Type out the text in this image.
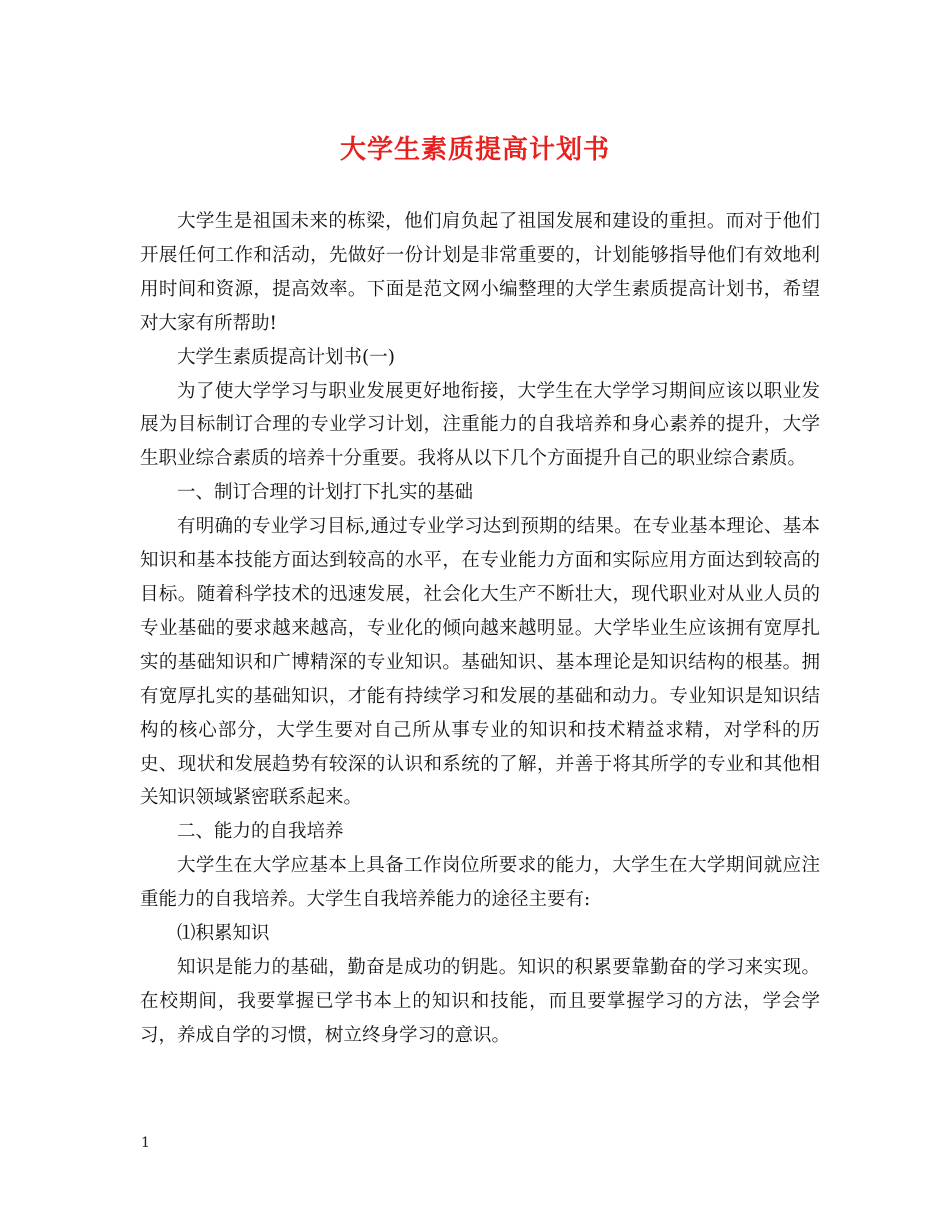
大学生素质提高计划书

大学生是祖国未来的栋梁，他们肩负起了祖国发展和建设的重担。而对于他们开展任何工作和活动，先做好一份计划是非常重要的，计划能够指导他们有效地利用时间和资源，提高效率。下面是范文网小编整理的大学生素质提高计划书，希望对大家有所帮助!

大学生素质提高计划书(一)

为了使大学学习与职业发展更好地衔接，大学生在大学学习期间应该以职业发展为目标制订合理的专业学习计划，注重能力的自我培养和身心素养的提升，大学生职业综合素质的培养十分重要。我将从以下几个方面提升自己的职业综合素质。

一、制订合理的计划打下扎实的基础

有明确的专业学习目标,通过专业学习达到预期的结果。在专业基本理论、基本知识和基本技能方面达到较高的水平，在专业能力方面和实际应用方面达到较高的目标。随着科学技术的迅速发展，社会化大生产不断壮大，现代职业对从业人员的专业基础的要求越来越高，专业化的倾向越来越明显。大学毕业生应该拥有宽厚扎实的基础知识和广博精深的专业知识。基础知识、基本理论是知识结构的根基。拥有宽厚扎实的基础知识，才能有持续学习和发展的基础和动力。专业知识是知识结构的核心部分，大学生要对自己所从事专业的知识和技术精益求精，对学科的历史、现状和发展趋势有较深的认识和系统的了解，并善于将其所学的专业和其他相关知识领域紧密联系起来。

二、能力的自我培养

大学生在大学应基本上具备工作岗位所要求的能力，大学生在大学期间就应注重能力的自我培养。大学生自我培养能力的途径主要有:

⑴积累知识

知识是能力的基础，勤奋是成功的钥匙。知识的积累要靠勤奋的学习来实现。在校期间，我要掌握已学书本上的知识和技能，而且要掌握学习的方法，学会学习，养成自学的习惯，树立终身学习的意识。

1
